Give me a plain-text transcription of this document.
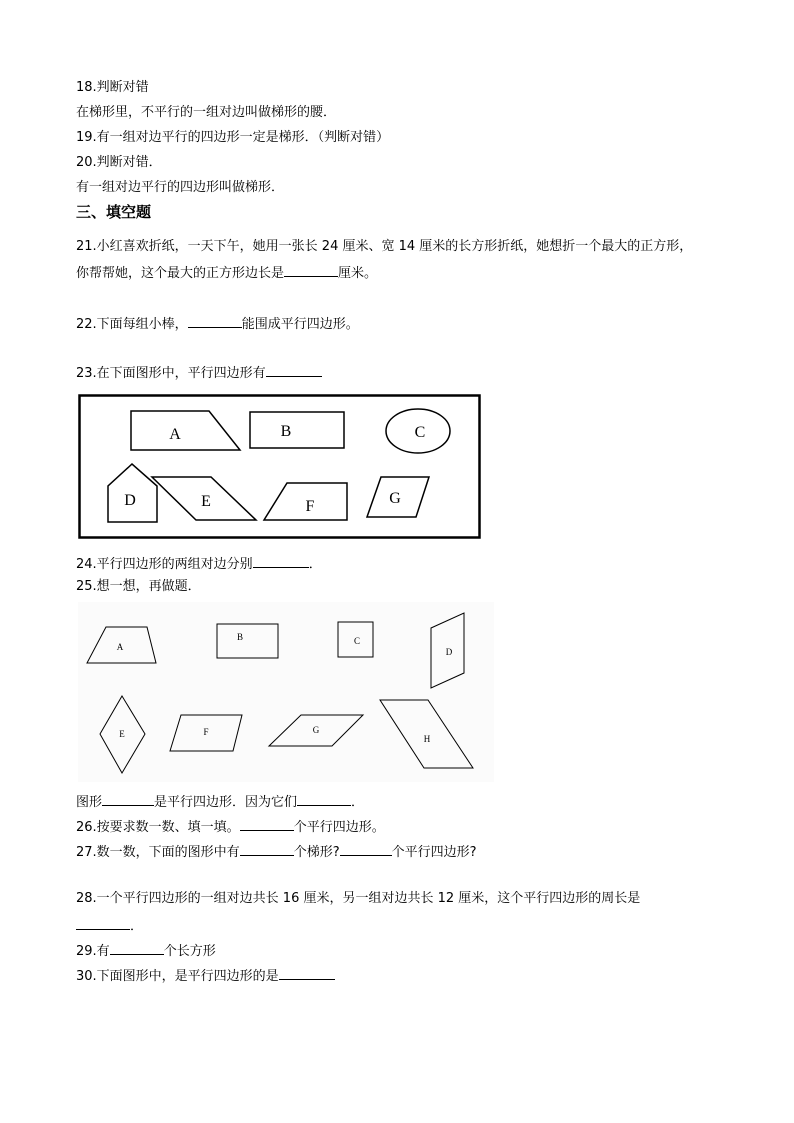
18.判断对错
在梯形里，不平行的一组对边叫做梯形的腰．
19.有一组对边平行的四边形一定是梯形．（判断对错）
20.判断对错．
有一组对边平行的四边形叫做梯形．
三、填空题
21.小红喜欢折纸，一天下午，她用一张长 24 厘米、宽 14 厘米的长方形折纸，她想折一个最大的正方形，
你帮帮她，这个最大的正方形边长是	厘米。
22.下面每组小棒，	能围成平行四边形。
23.在下面图形中，平行四边形有
A	B	C
D	E	F	G
24.平行四边形的两组对边分别	．
25.想一想，再做题．
A
B	C
D
E	F	G
H
图形	是平行四边形．因为它们	．
26.按要求数一数、填一填。	个平行四边形。
27.数一数，下面的图形中有	个梯形?	个平行四边形?
28.一个平行四边形的一组对边共长 16 厘米，另一组对边共长 12 厘米，这个平行四边形的周长是
．
29.有	个长方形
30.下面图形中，是平行四边形的是
